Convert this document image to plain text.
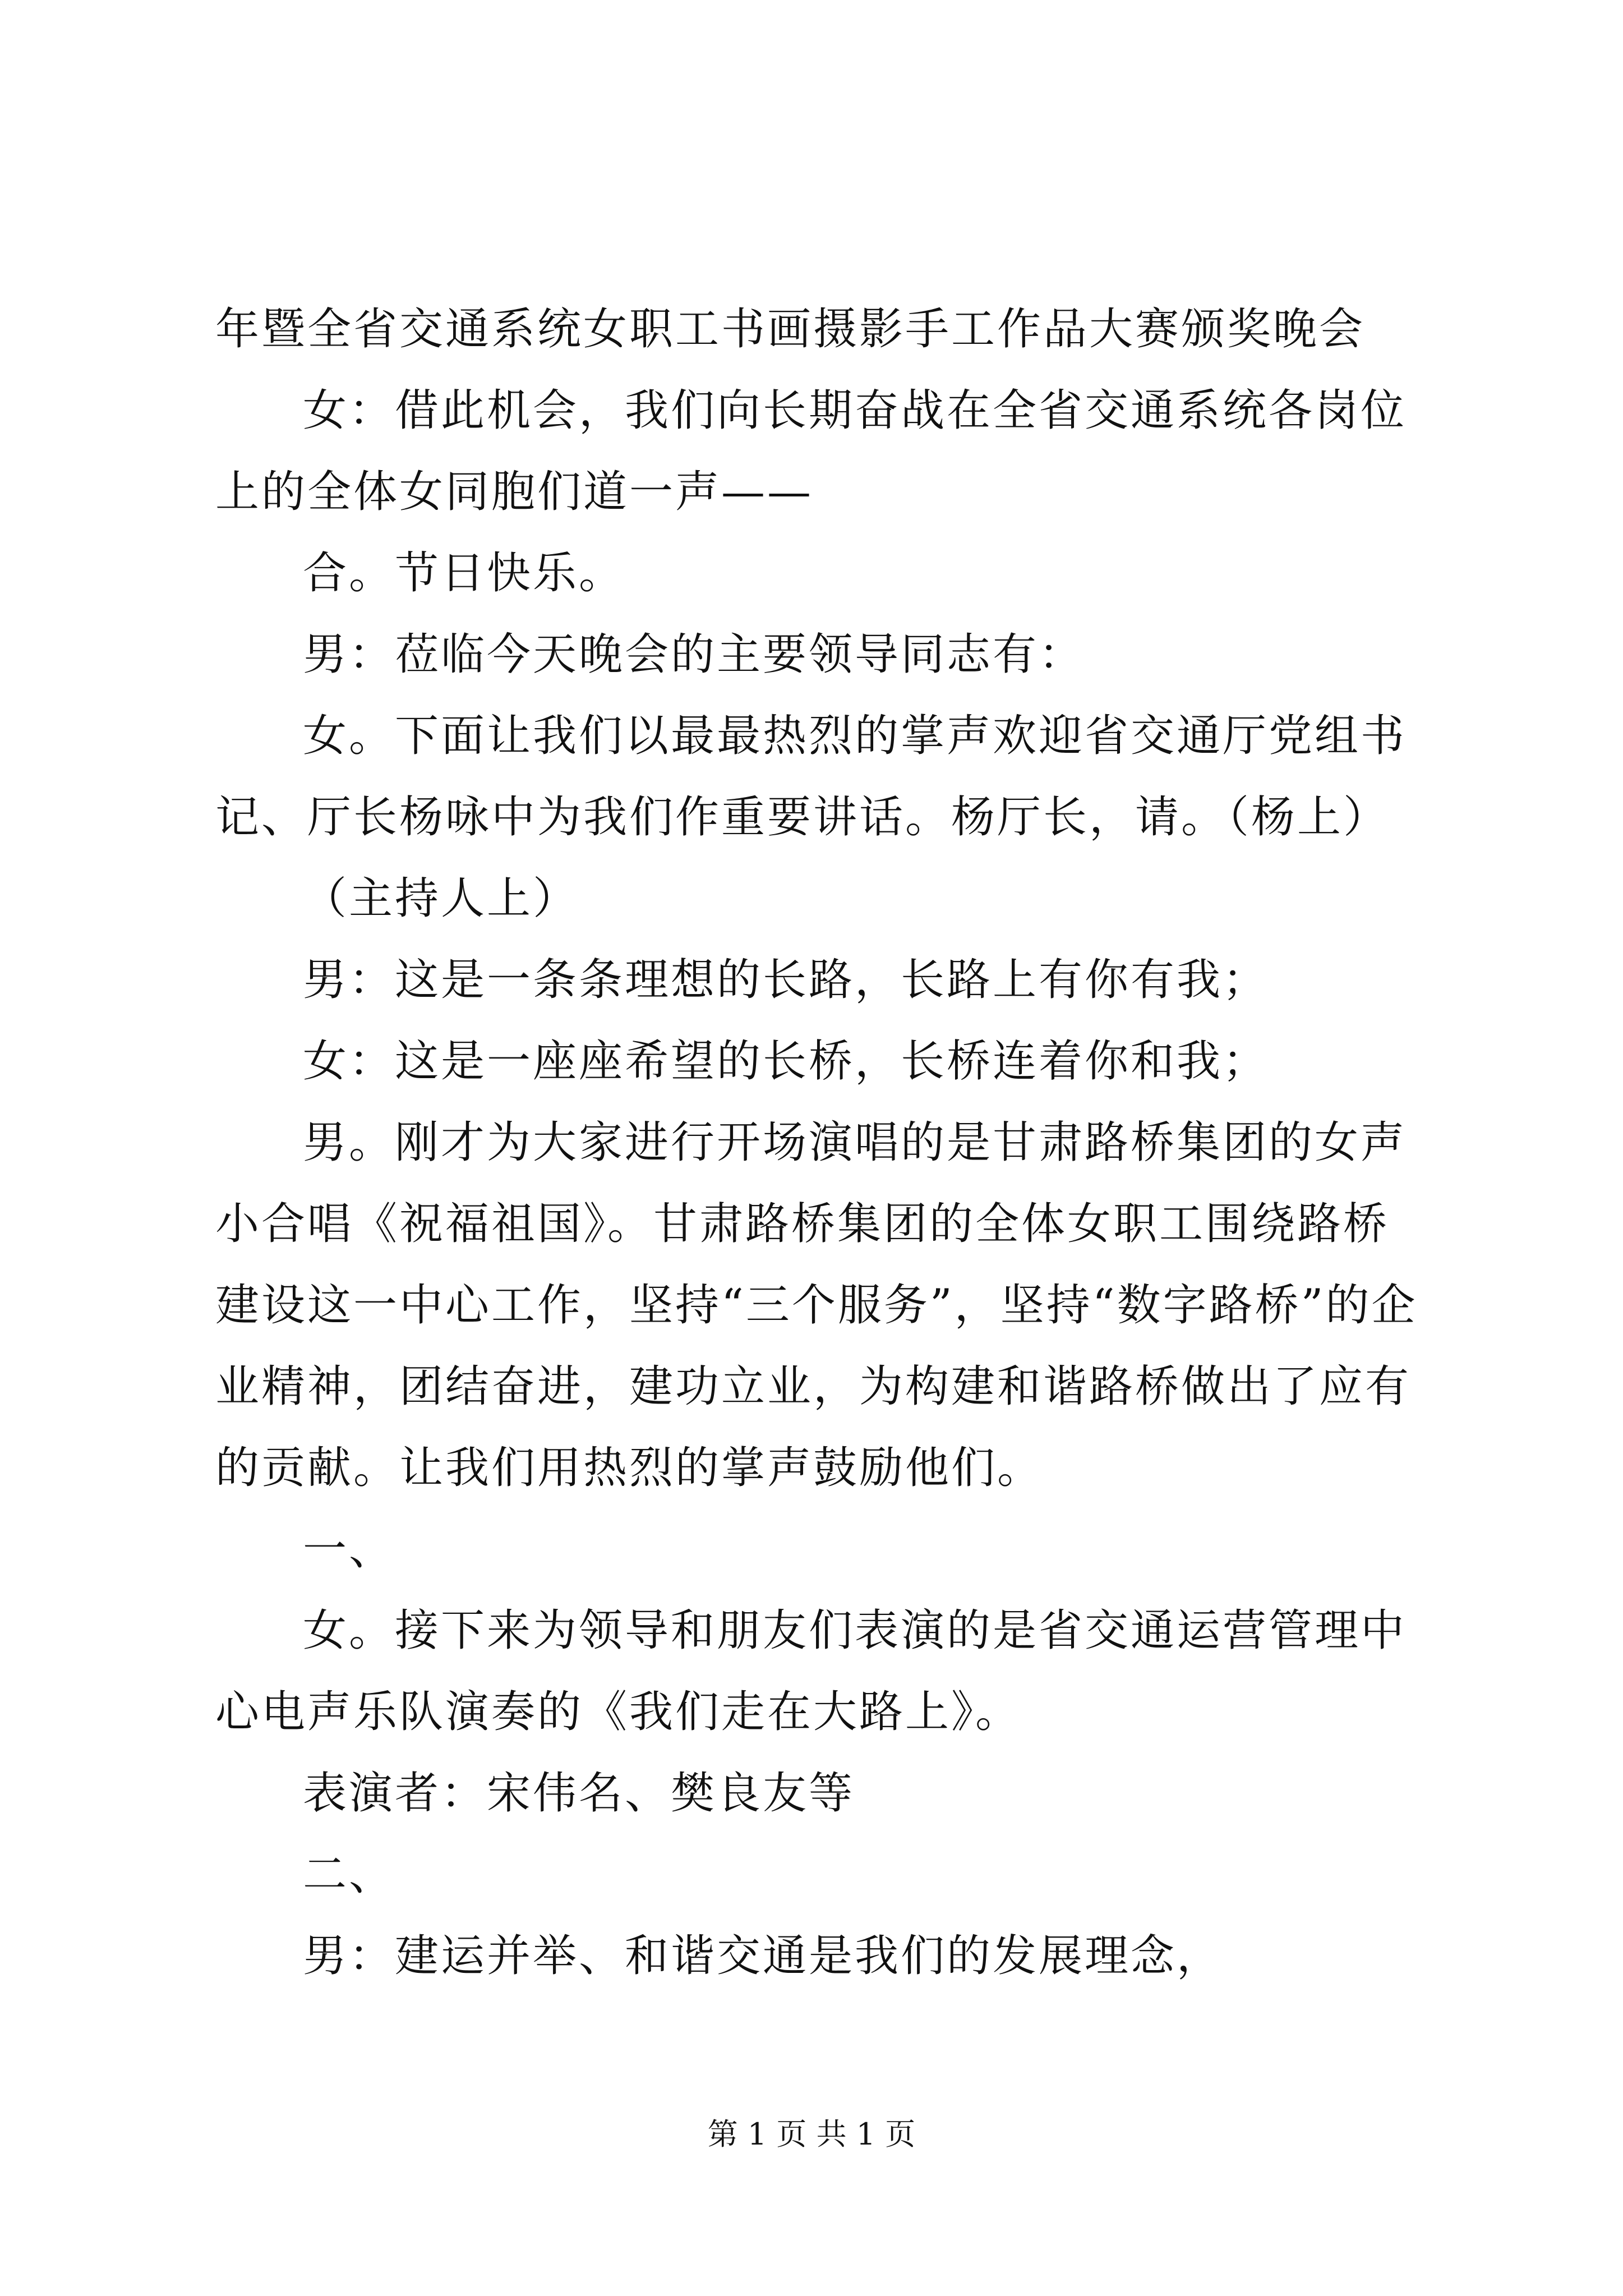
年暨全省交通系统女职工书画摄影手工作品大赛颁奖晚会

女：借此机会，我们向长期奋战在全省交通系统各岗位上的全体女同胞们道一声——

合。节日快乐。

男：莅临今天晚会的主要领导同志有：

女。下面让我们以最最热烈的掌声欢迎省交通厅党组书记、厅长杨咏中为我们作重要讲话。杨厅长，请。（杨上）

（主持人上）

男：这是一条条理想的长路，长路上有你有我；

女：这是一座座希望的长桥，长桥连着你和我；

男。刚才为大家进行开场演唱的是甘肃路桥集团的女声小合唱《祝福祖国》。甘肃路桥集团的全体女职工围绕路桥建设这一中心工作，坚持“三个服务”，坚持“数字路桥”的企业精神，团结奋进，建功立业，为构建和谐路桥做出了应有的贡献。让我们用热烈的掌声鼓励他们。

一、

女。接下来为领导和朋友们表演的是省交通运营管理中心电声乐队演奏的《我们走在大路上》。

表演者：宋伟名、樊良友等

二、

男：建运并举、和谐交通是我们的发展理念，

第 1 页 共 1 页
